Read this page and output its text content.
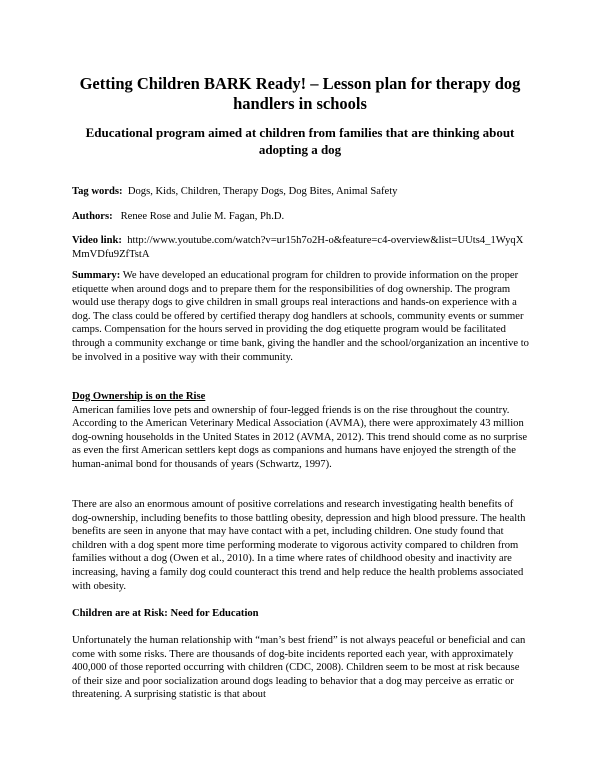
Getting Children BARK Ready! – Lesson plan for therapy dog handlers in schools
Educational program aimed at children from families that are thinking about adopting a dog
Tag words: Dogs, Kids, Children, Therapy Dogs, Dog Bites, Animal Safety
Authors: Renee Rose and Julie M. Fagan, Ph.D.
Video link: http://www.youtube.com/watch?v=ur15h7o2H-o&feature=c4-overview&list=UUts4_1WyqXMmVDfu9ZfTstA
Summary: We have developed an educational program for children to provide information on the proper etiquette when around dogs and to prepare them for the responsibilities of dog ownership. The program would use therapy dogs to give children in small groups real interactions and hands-on experience with a dog. The class could be offered by certified therapy dog handlers at schools, community events or summer camps. Compensation for the hours served in providing the dog etiquette program would be facilitated through a community exchange or time bank, giving the handler and the school/organization an incentive to be involved in a positive way with their community.

Dog Ownership is on the Rise

American families love pets and ownership of four-legged friends is on the rise throughout the country. According to the American Veterinary Medical Association (AVMA), there were approximately 43 million dog-owning households in the United States in 2012 (AVMA, 2012). This trend should come as no surprise as even the first American settlers kept dogs as companions and humans have enjoyed the strength of the human-animal bond for thousands of years (Schwartz, 1997).

There are also an enormous amount of positive correlations and research investigating health benefits of dog-ownership, including benefits to those battling obesity, depression and high blood pressure. The health benefits are seen in anyone that may have contact with a pet, including children. One study found that children with a dog spent more time performing moderate to vigorous activity compared to children from families without a dog (Owen et al., 2010). In a time where rates of childhood obesity and inactivity are increasing, having a family dog could counteract this trend and help reduce the health problems associated with obesity.

Children are at Risk: Need for Education

Unfortunately the human relationship with “man’s best friend” is not always peaceful or beneficial and can come with some risks. There are thousands of dog-bite incidents reported each year, with approximately 400,000 of those reported occurring with children (CDC, 2008). Children seem to be most at risk because of their size and poor socialization around dogs leading to behavior that a dog may perceive as erratic or threatening. A surprising statistic is that about
